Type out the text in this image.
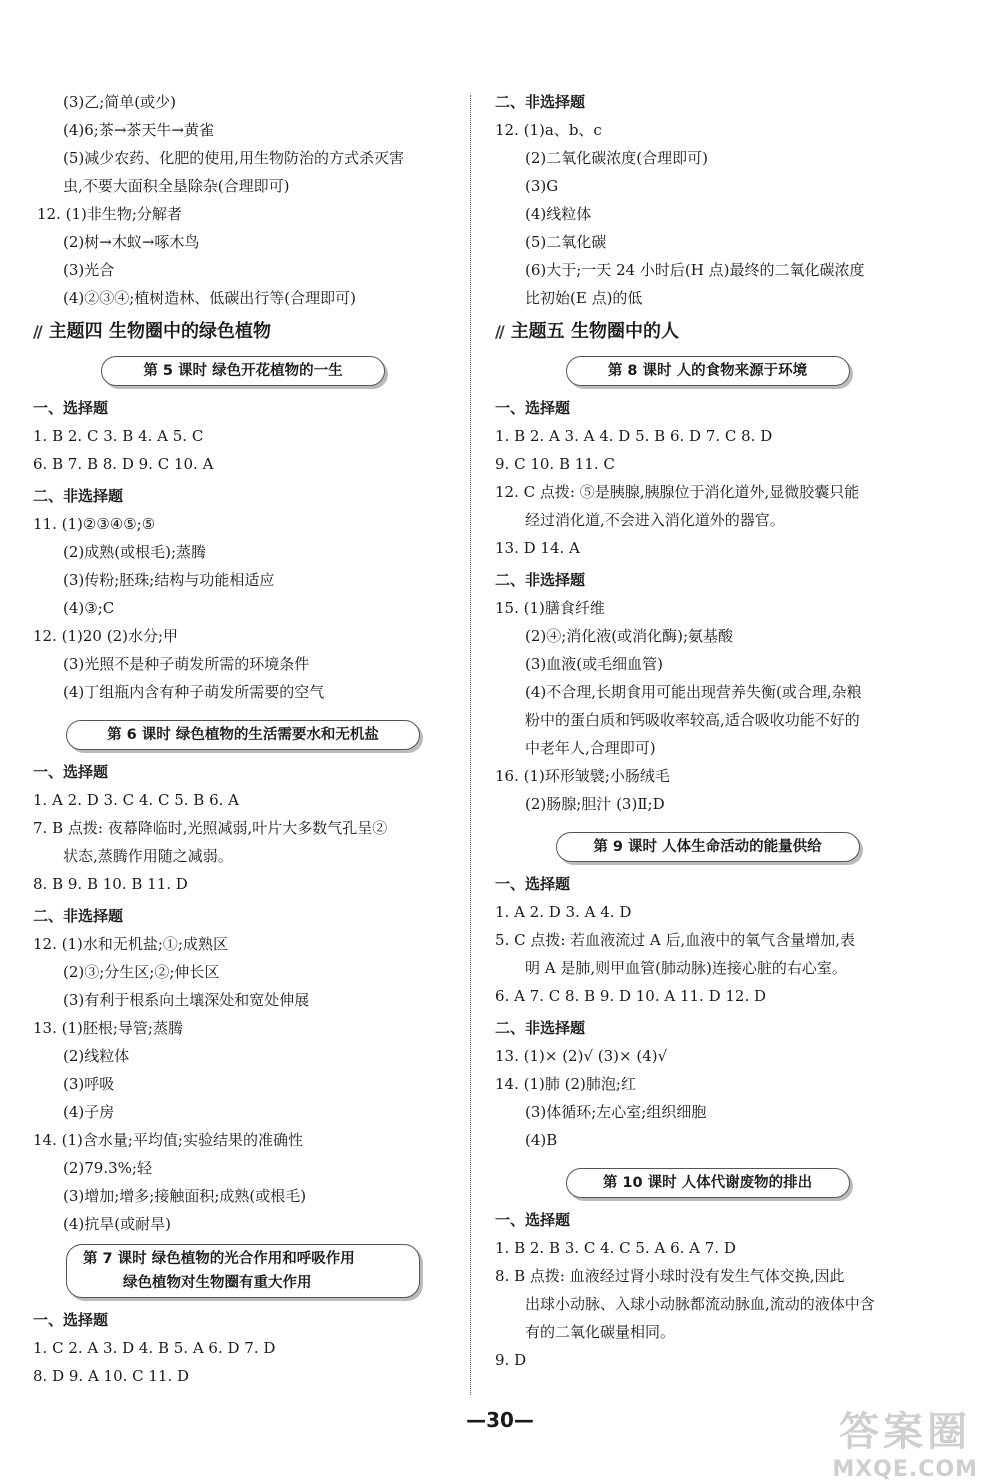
(3)乙;简单(或少)
(4)6;茶→茶天牛→黄雀
(5)减少农药、化肥的使用,用生物防治的方式杀灭害
虫,不要大面积全垦除杂(合理即可)
12. (1)非生物;分解者
(2)树→木蚁→啄木鸟
(3)光合
(4)②③④;植树造林、低碳出行等(合理即可)
// 主题四 生物圈中的绿色植物
第 5 课时 绿色开花植物的一生
一、选择题
1. B 2. C 3. B 4. A 5. C
6. B 7. B 8. D 9. C 10. A
二、非选择题
11. (1)②③④⑤;⑤
(2)成熟(或根毛);蒸腾
(3)传粉;胚珠;结构与功能相适应
(4)③;C
12. (1)20 (2)水分;甲
(3)光照不是种子萌发所需的环境条件
(4)丁组瓶内含有种子萌发所需要的空气
第 6 课时 绿色植物的生活需要水和无机盐
一、选择题
1. A 2. D 3. C 4. C 5. B 6. A
7. B 点拨: 夜幕降临时,光照减弱,叶片大多数气孔呈②
状态,蒸腾作用随之减弱。
8. B 9. B 10. B 11. D
二、非选择题
12. (1)水和无机盐;①;成熟区
(2)③;分生区;②;伸长区
(3)有利于根系向土壤深处和宽处伸展
13. (1)胚根;导管;蒸腾
(2)线粒体
(3)呼吸
(4)子房
14. (1)含水量;平均值;实验结果的准确性
(2)79.3%;轻
(3)增加;增多;接触面积;成熟(或根毛)
(4)抗旱(或耐旱)
第 7 课时 绿色植物的光合作用和呼吸作用
绿色植物对生物圈有重大作用
一、选择题
1. C 2. A 3. D 4. B 5. A 6. D 7. D
8. D 9. A 10. C 11. D
二、非选择题
12. (1)a、b、c
(2)二氧化碳浓度(合理即可)
(3)G
(4)线粒体
(5)二氧化碳
(6)大于;一天 24 小时后(H 点)最终的二氧化碳浓度
比初始(E 点)的低
// 主题五 生物圈中的人
第 8 课时 人的食物来源于环境
一、选择题
1. B 2. A 3. A 4. D 5. B 6. D 7. C 8. D
9. C 10. B 11. C
12. C 点拨: ⑤是胰腺,胰腺位于消化道外,显微胶囊只能
经过消化道,不会进入消化道外的器官。
13. D 14. A
二、非选择题
15. (1)膳食纤维
(2)④;消化液(或消化酶);氨基酸
(3)血液(或毛细血管)
(4)不合理,长期食用可能出现营养失衡(或合理,杂粮
粉中的蛋白质和钙吸收率较高,适合吸收功能不好的
中老年人,合理即可)
16. (1)环形皱襞;小肠绒毛
(2)肠腺;胆汁 (3)Ⅱ;D
第 9 课时 人体生命活动的能量供给
一、选择题
1. A 2. D 3. A 4. D
5. C 点拨: 若血液流过 A 后,血液中的氧气含量增加,表
明 A 是肺,则甲血管(肺动脉)连接心脏的右心室。
6. A 7. C 8. B 9. D 10. A 11. D 12. D
二、非选择题
13. (1)× (2)√ (3)× (4)√
14. (1)肺 (2)肺泡;红
(3)体循环;左心室;组织细胞
(4)B
第 10 课时 人体代谢废物的排出
一、选择题
1. B 2. B 3. C 4. C 5. A 6. A 7. D
8. B 点拨: 血液经过肾小球时没有发生气体交换,因此
出球小动脉、入球小动脉都流动脉血,流动的液体中含
有的二氧化碳量相同。
9. D
—30—	答案圈
MXQE.COM
